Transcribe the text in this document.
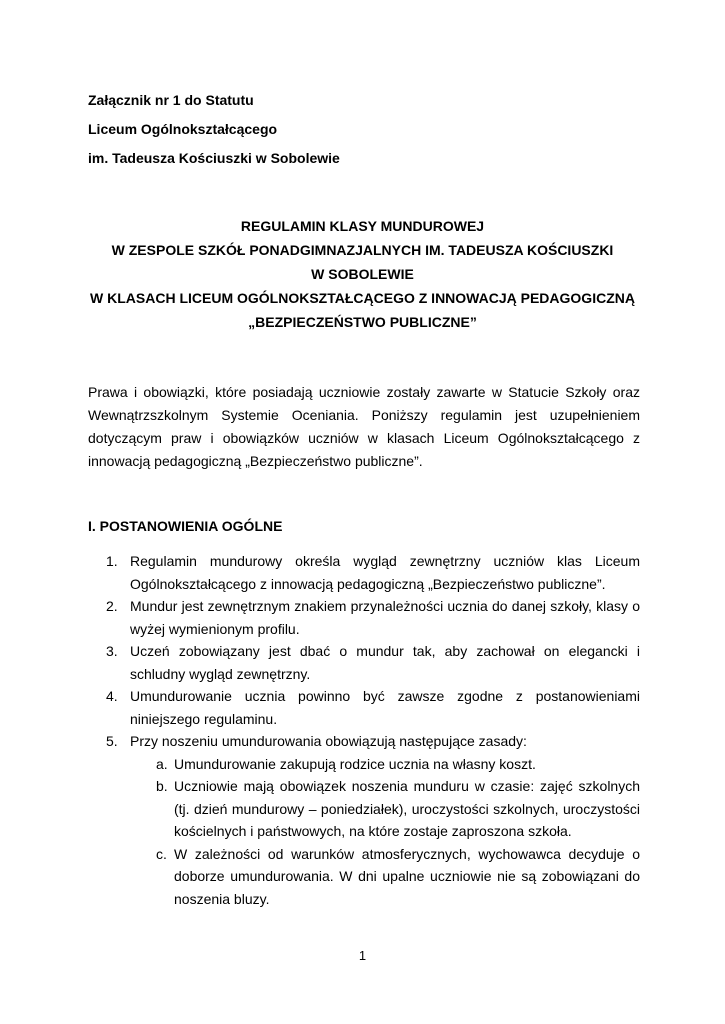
Załącznik nr 1 do Statutu
Liceum Ogólnokształcącego
im. Tadeusza Kościuszki w Sobolewie
REGULAMIN KLASY MUNDUROWEJ
W ZESPOLE SZKÓŁ PONADGIMNAZJALNYCH IM. TADEUSZA KOŚCIUSZKI
W SOBOLEWIE
W KLASACH LICEUM OGÓLNOKSZTAŁCĄCEGO Z INNOWACJĄ PEDAGOGICZNĄ
„BEZPIECZEŃSTWO PUBLICZNE”
Prawa i obowiązki, które posiadają uczniowie zostały zawarte w Statucie Szkoły oraz Wewnątrzszkolnym Systemie Oceniania. Poniższy regulamin jest uzupełnieniem dotyczącym praw i obowiązków uczniów w klasach Liceum Ogólnokształcącego z innowacją pedagogiczną „Bezpieczeństwo publiczne”.
I. POSTANOWIENIA OGÓLNE
1. Regulamin mundurowy określa wygląd zewnętrzny uczniów klas Liceum Ogólnokształcącego z innowacją pedagogiczną „Bezpieczeństwo publiczne”.
2. Mundur jest zewnętrznym znakiem przynależności ucznia do danej szkoły, klasy o wyżej wymienionym profilu.
3. Uczeń zobowiązany jest dbać o mundur tak, aby zachował on elegancki i schludny wygląd zewnętrzny.
4. Umundurowanie ucznia powinno być zawsze zgodne z postanowieniami niniejszego regulaminu.
5. Przy noszeniu umundurowania obowiązują następujące zasady:
a. Umundurowanie zakupują rodzice ucznia na własny koszt.
b. Uczniowie mają obowiązek noszenia munduru w czasie: zajęć szkolnych (tj. dzień mundurowy – poniedziałek), uroczystości szkolnych, uroczystości kościelnych i państwowych, na które zostaje zaproszona szkoła.
c. W zależności od warunków atmosferycznych, wychowawca decyduje o doborze umundurowania. W dni upalne uczniowie nie są zobowiązani do noszenia bluzy.
1
